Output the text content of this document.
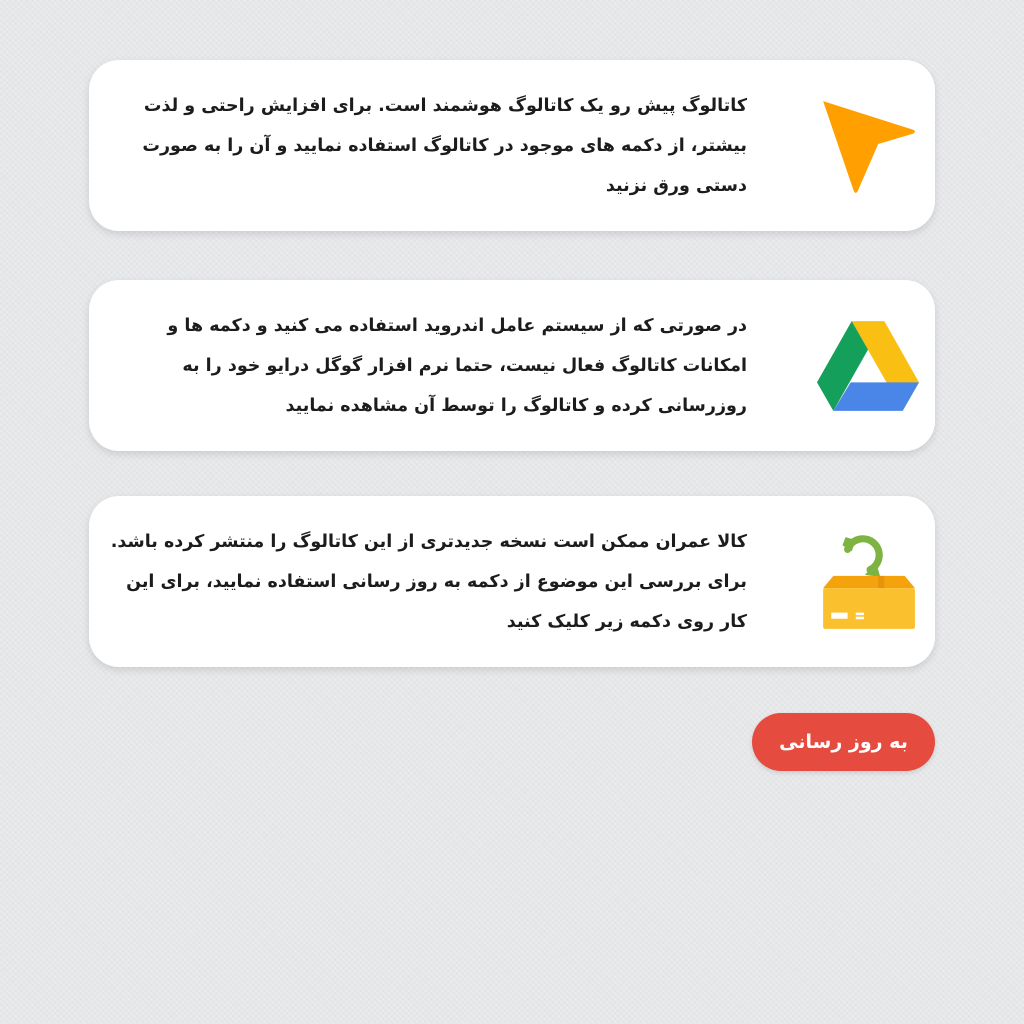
کاتالوگ پیش رو یک کاتالوگ هوشمند است. برای افزایش راحتی و لذت بیشتر، از دکمه های موجود در کاتالوگ استفاده نمایید و آن را به صورت دستی ورق نزنید
در صورتی که از سیستم عامل اندروید استفاده می کنید و دکمه ها و امکانات کاتالوگ فعال نیست، حتما نرم افزار گوگل درایو خود را به روزرسانی کرده و کاتالوگ را توسط آن مشاهده نمایید
کالا عمران ممکن است نسخه جدیدتری از این کاتالوگ را منتشر کرده باشد. برای بررسی این موضوع از دکمه به روز رسانی استفاده نمایید، برای این کار روی دکمه زیر کلیک کنید
به روز رسانی
